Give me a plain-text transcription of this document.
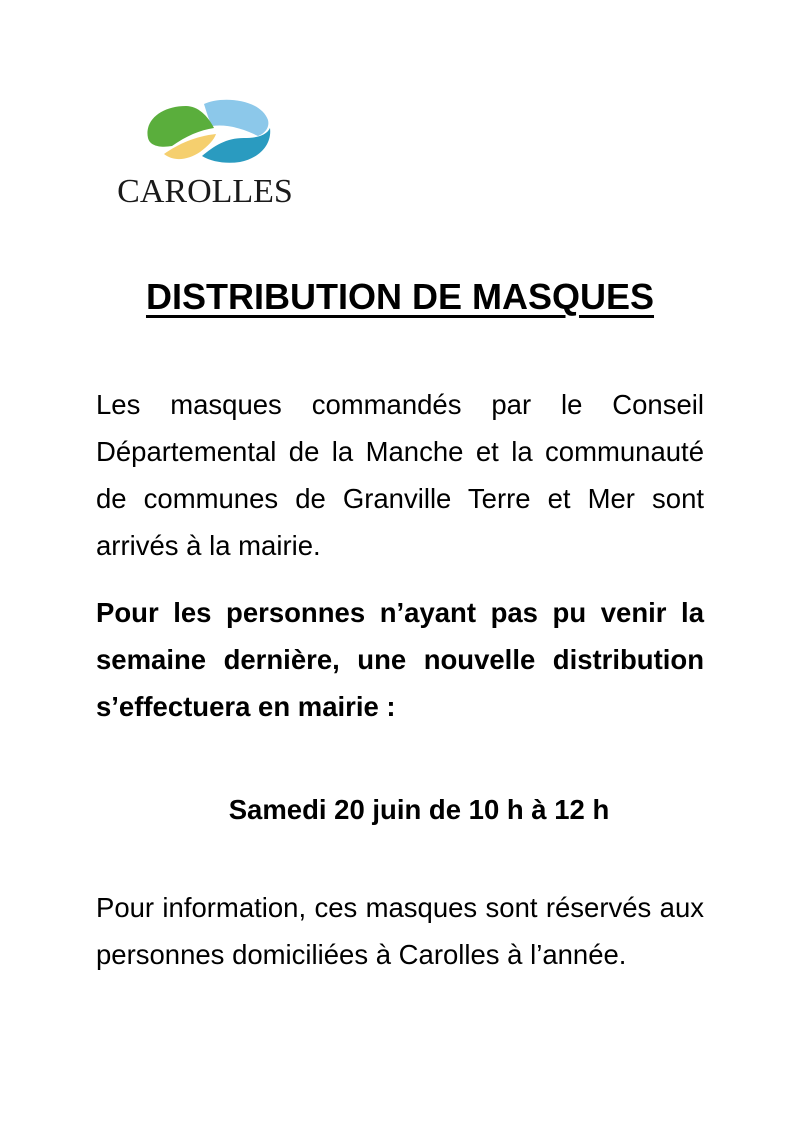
CAROLLES
DISTRIBUTION DE MASQUES

Les masques commandés par le Conseil Départemental de la Manche et la communauté de communes de Granville Terre et Mer sont arrivés à la mairie.

Pour les personnes n’ayant pas pu venir la semaine dernière, une nouvelle distribution s’effectuera en mairie :

Samedi 20 juin de 10 h à 12 h

Pour information, ces masques sont réservés aux personnes domiciliées à Carolles à l’année.
